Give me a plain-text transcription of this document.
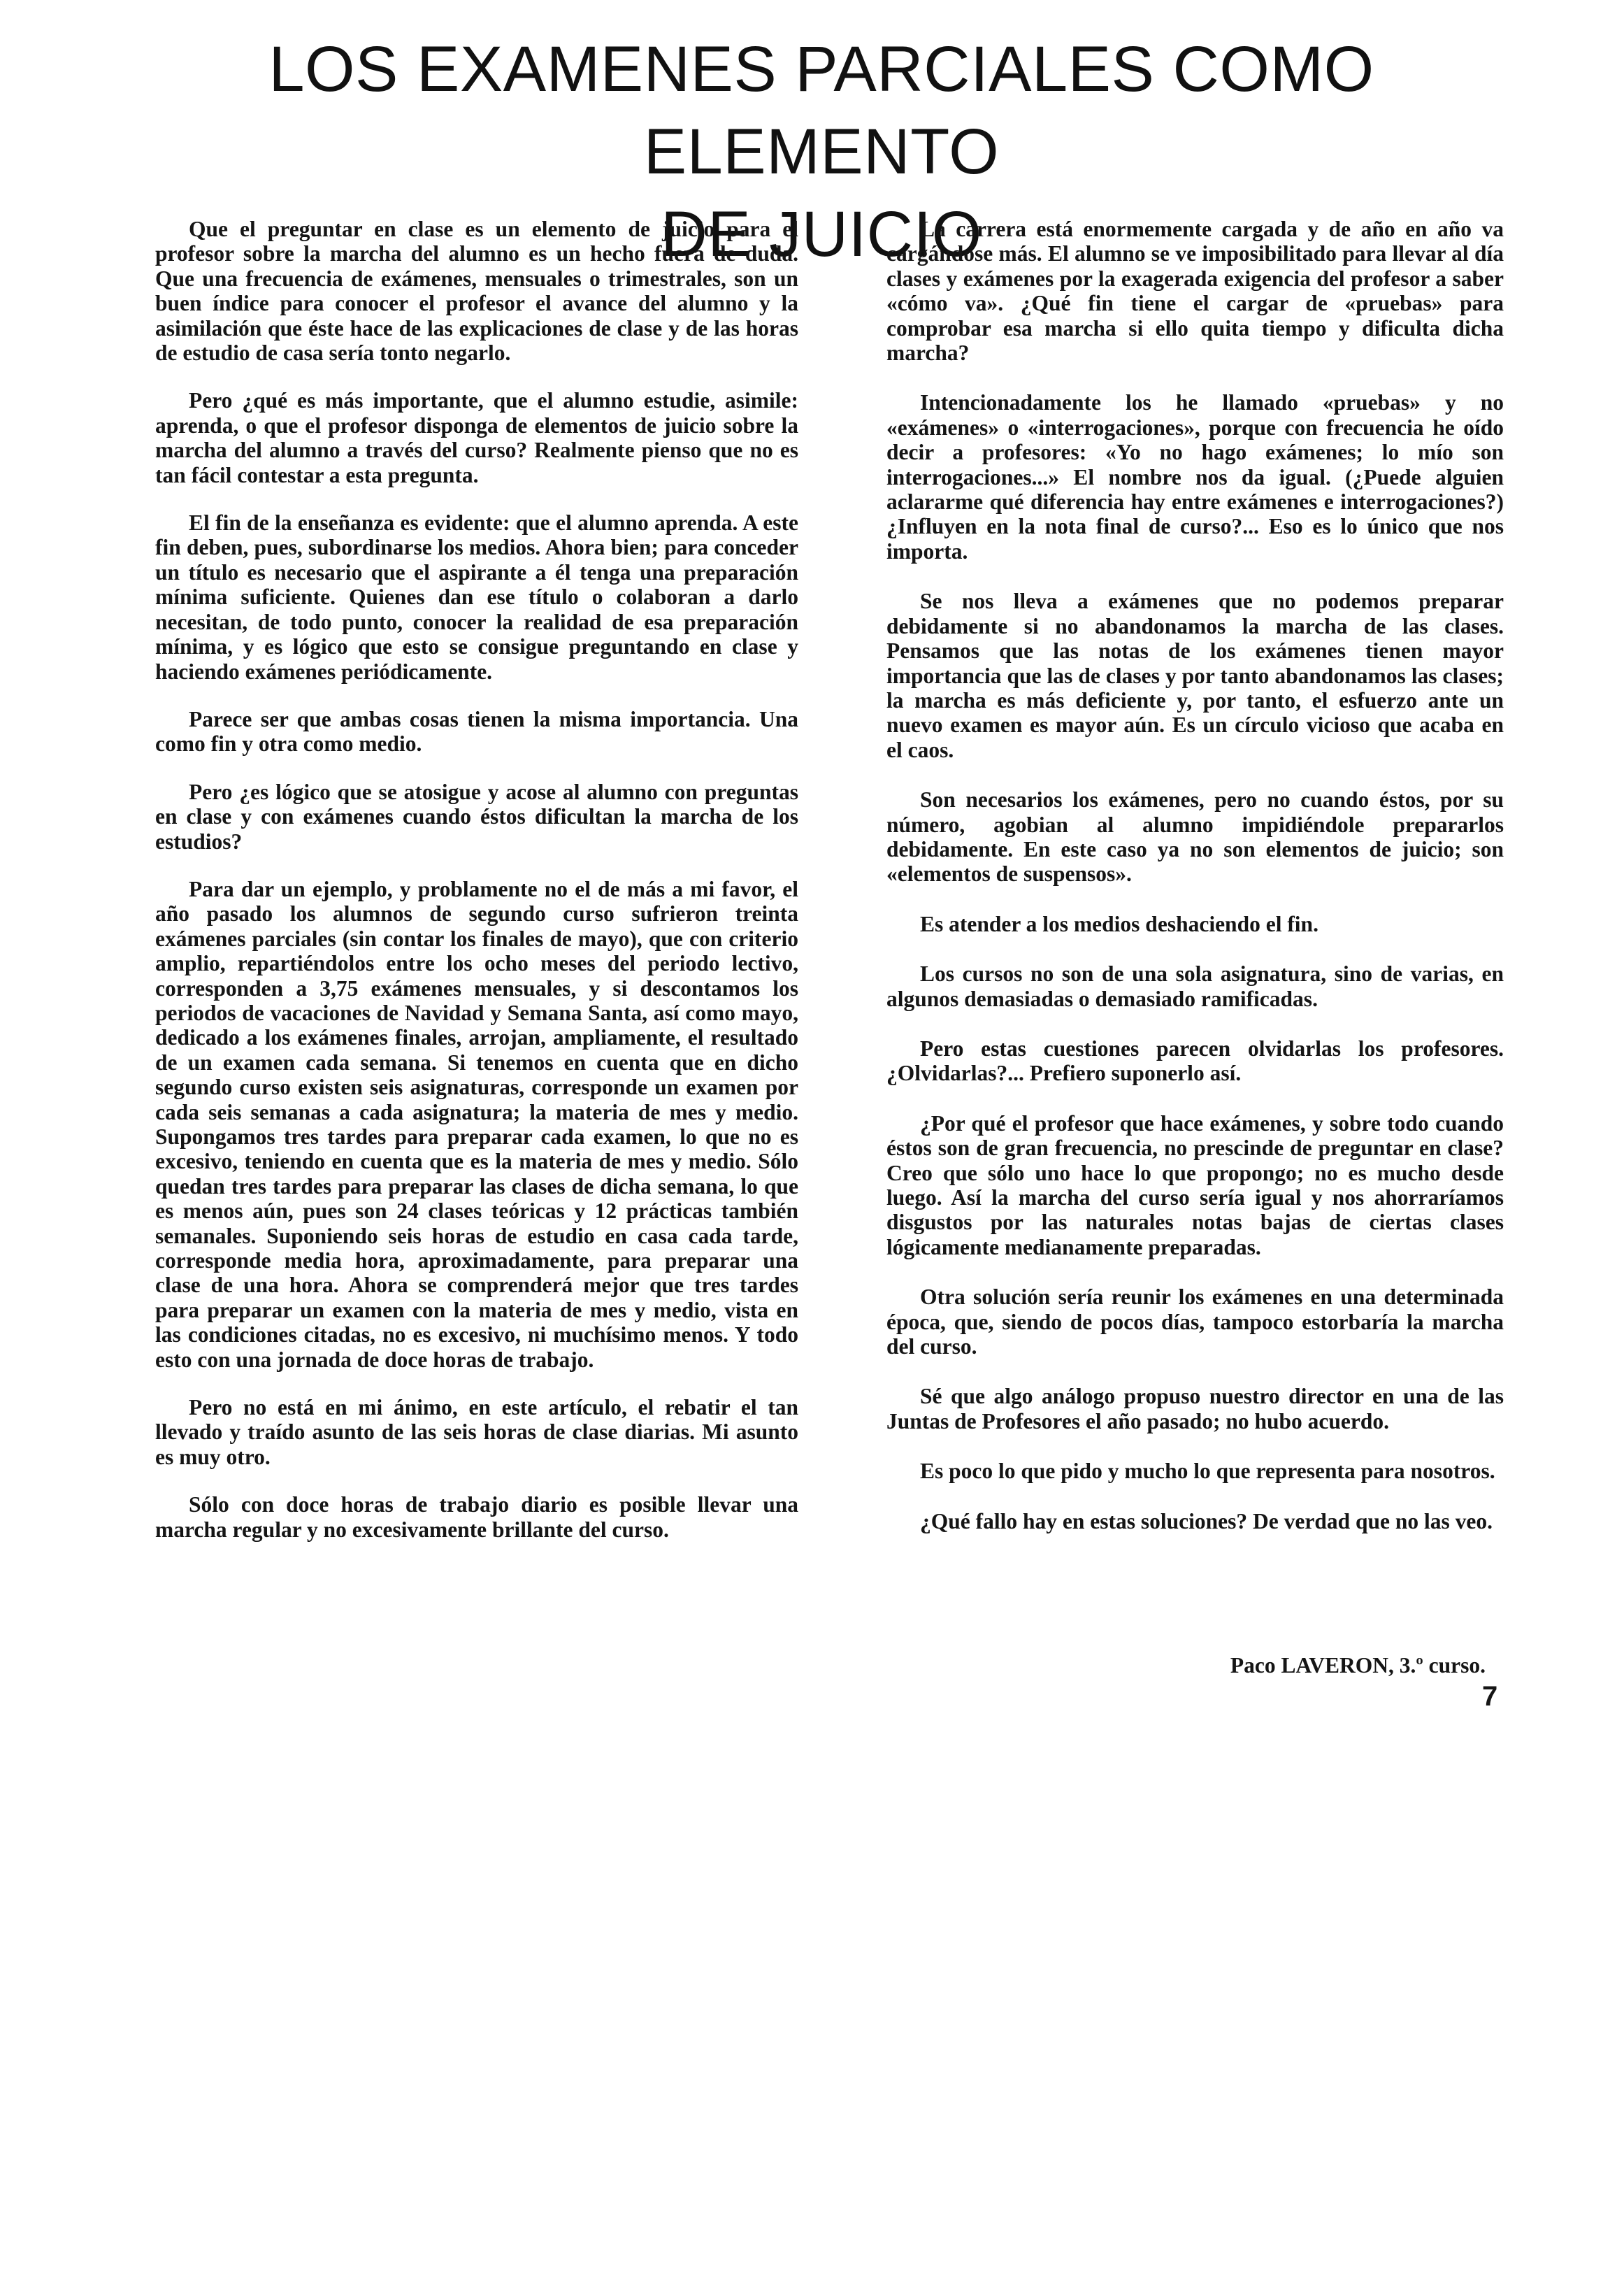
LOS EXAMENES PARCIALES COMO ELEMENTO
DE JUICIO

Que el preguntar en clase es un elemento de juicio para el profesor sobre la marcha del alumno es un hecho fuera de duda. Que una frecuencia de exámenes, mensuales o trimestrales, son un buen índice para conocer el profesor el avance del alumno y la asimilación que éste hace de las explicaciones de clase y de las horas de estudio de casa sería tonto negarlo.

Pero ¿qué es más importante, que el alumno estudie, asimile: aprenda, o que el profesor disponga de elementos de juicio sobre la marcha del alumno a través del curso? Realmente pienso que no es tan fácil contestar a esta pregunta.

El fin de la enseñanza es evidente: que el alumno aprenda. A este fin deben, pues, subordinarse los medios. Ahora bien; para conceder un título es necesario que el aspirante a él tenga una preparación mínima suficiente. Quienes dan ese título o colaboran a darlo necesitan, de todo punto, conocer la realidad de esa preparación mínima, y es lógico que esto se consigue preguntando en clase y haciendo exámenes periódicamente.

Parece ser que ambas cosas tienen la misma importancia. Una como fin y otra como medio.

Pero ¿es lógico que se atosigue y acose al alumno con preguntas en clase y con exámenes cuando éstos dificultan la marcha de los estudios?

Para dar un ejemplo, y problamente no el de más a mi favor, el año pasado los alumnos de segundo curso sufrieron treinta exámenes parciales (sin contar los finales de mayo), que con criterio amplio, repartiéndolos entre los ocho meses del periodo lectivo, corresponden a 3,75 exámenes mensuales, y si descontamos los periodos de vacaciones de Navidad y Semana Santa, así como mayo, dedicado a los exámenes finales, arrojan, ampliamente, el resultado de un examen cada semana. Si tenemos en cuenta que en dicho segundo curso existen seis asignaturas, corresponde un examen por cada seis semanas a cada asignatura; la materia de mes y medio. Supongamos tres tardes para preparar cada examen, lo que no es excesivo, teniendo en cuenta que es la materia de mes y medio. Sólo quedan tres tardes para preparar las clases de dicha semana, lo que es menos aún, pues son 24 clases teóricas y 12 prácticas también semanales. Suponiendo seis horas de estudio en casa cada tarde, corresponde media hora, aproximadamente, para preparar una clase de una hora. Ahora se comprenderá mejor que tres tardes para preparar un examen con la materia de mes y medio, vista en las condiciones citadas, no es excesivo, ni muchísimo menos. Y todo esto con una jornada de doce horas de trabajo.

Pero no está en mi ánimo, en este artículo, el rebatir el tan llevado y traído asunto de las seis horas de clase diarias. Mi asunto es muy otro.

Sólo con doce horas de trabajo diario es posible llevar una marcha regular y no excesivamente brillante del curso.

La carrera está enormemente cargada y de año en año va cargándose más. El alumno se ve imposibilitado para llevar al día clases y exámenes por la exagerada exigencia del profesor a saber «cómo va». ¿Qué fin tiene el cargar de «pruebas» para comprobar esa marcha si ello quita tiempo y dificulta dicha marcha?

Intencionadamente los he llamado «pruebas» y no «exámenes» o «interrogaciones», porque con frecuencia he oído decir a profesores: «Yo no hago exámenes; lo mío son interrogaciones...» El nombre nos da igual. (¿Puede alguien aclararme qué diferencia hay entre exámenes e interrogaciones?) ¿Influyen en la nota final de curso?... Eso es lo único que nos importa.

Se nos lleva a exámenes que no podemos preparar debidamente si no abandonamos la marcha de las clases. Pensamos que las notas de los exámenes tienen mayor importancia que las de clases y por tanto abandonamos las clases; la marcha es más deficiente y, por tanto, el esfuerzo ante un nuevo examen es mayor aún. Es un círculo vicioso que acaba en el caos.

Son necesarios los exámenes, pero no cuando éstos, por su número, agobian al alumno impidiéndole prepararlos debidamente. En este caso ya no son elementos de juicio; son «elementos de suspensos».

Es atender a los medios deshaciendo el fin.

Los cursos no son de una sola asignatura, sino de varias, en algunos demasiadas o demasiado ramificadas.

Pero estas cuestiones parecen olvidarlas los profesores. ¿Olvidarlas?... Prefiero suponerlo así.

¿Por qué el profesor que hace exámenes, y sobre todo cuando éstos son de gran frecuencia, no prescinde de preguntar en clase? Creo que sólo uno hace lo que propongo; no es mucho desde luego. Así la marcha del curso sería igual y nos ahorraríamos disgustos por las naturales notas bajas de ciertas clases lógicamente medianamente preparadas.

Otra solución sería reunir los exámenes en una determinada época, que, siendo de pocos días, tampoco estorbaría la marcha del curso.

Sé que algo análogo propuso nuestro director en una de las Juntas de Profesores el año pasado; no hubo acuerdo.

Es poco lo que pido y mucho lo que representa para nosotros.

¿Qué fallo hay en estas soluciones? De verdad que no las veo.

Paco LAVERON, 3.º curso.
7
